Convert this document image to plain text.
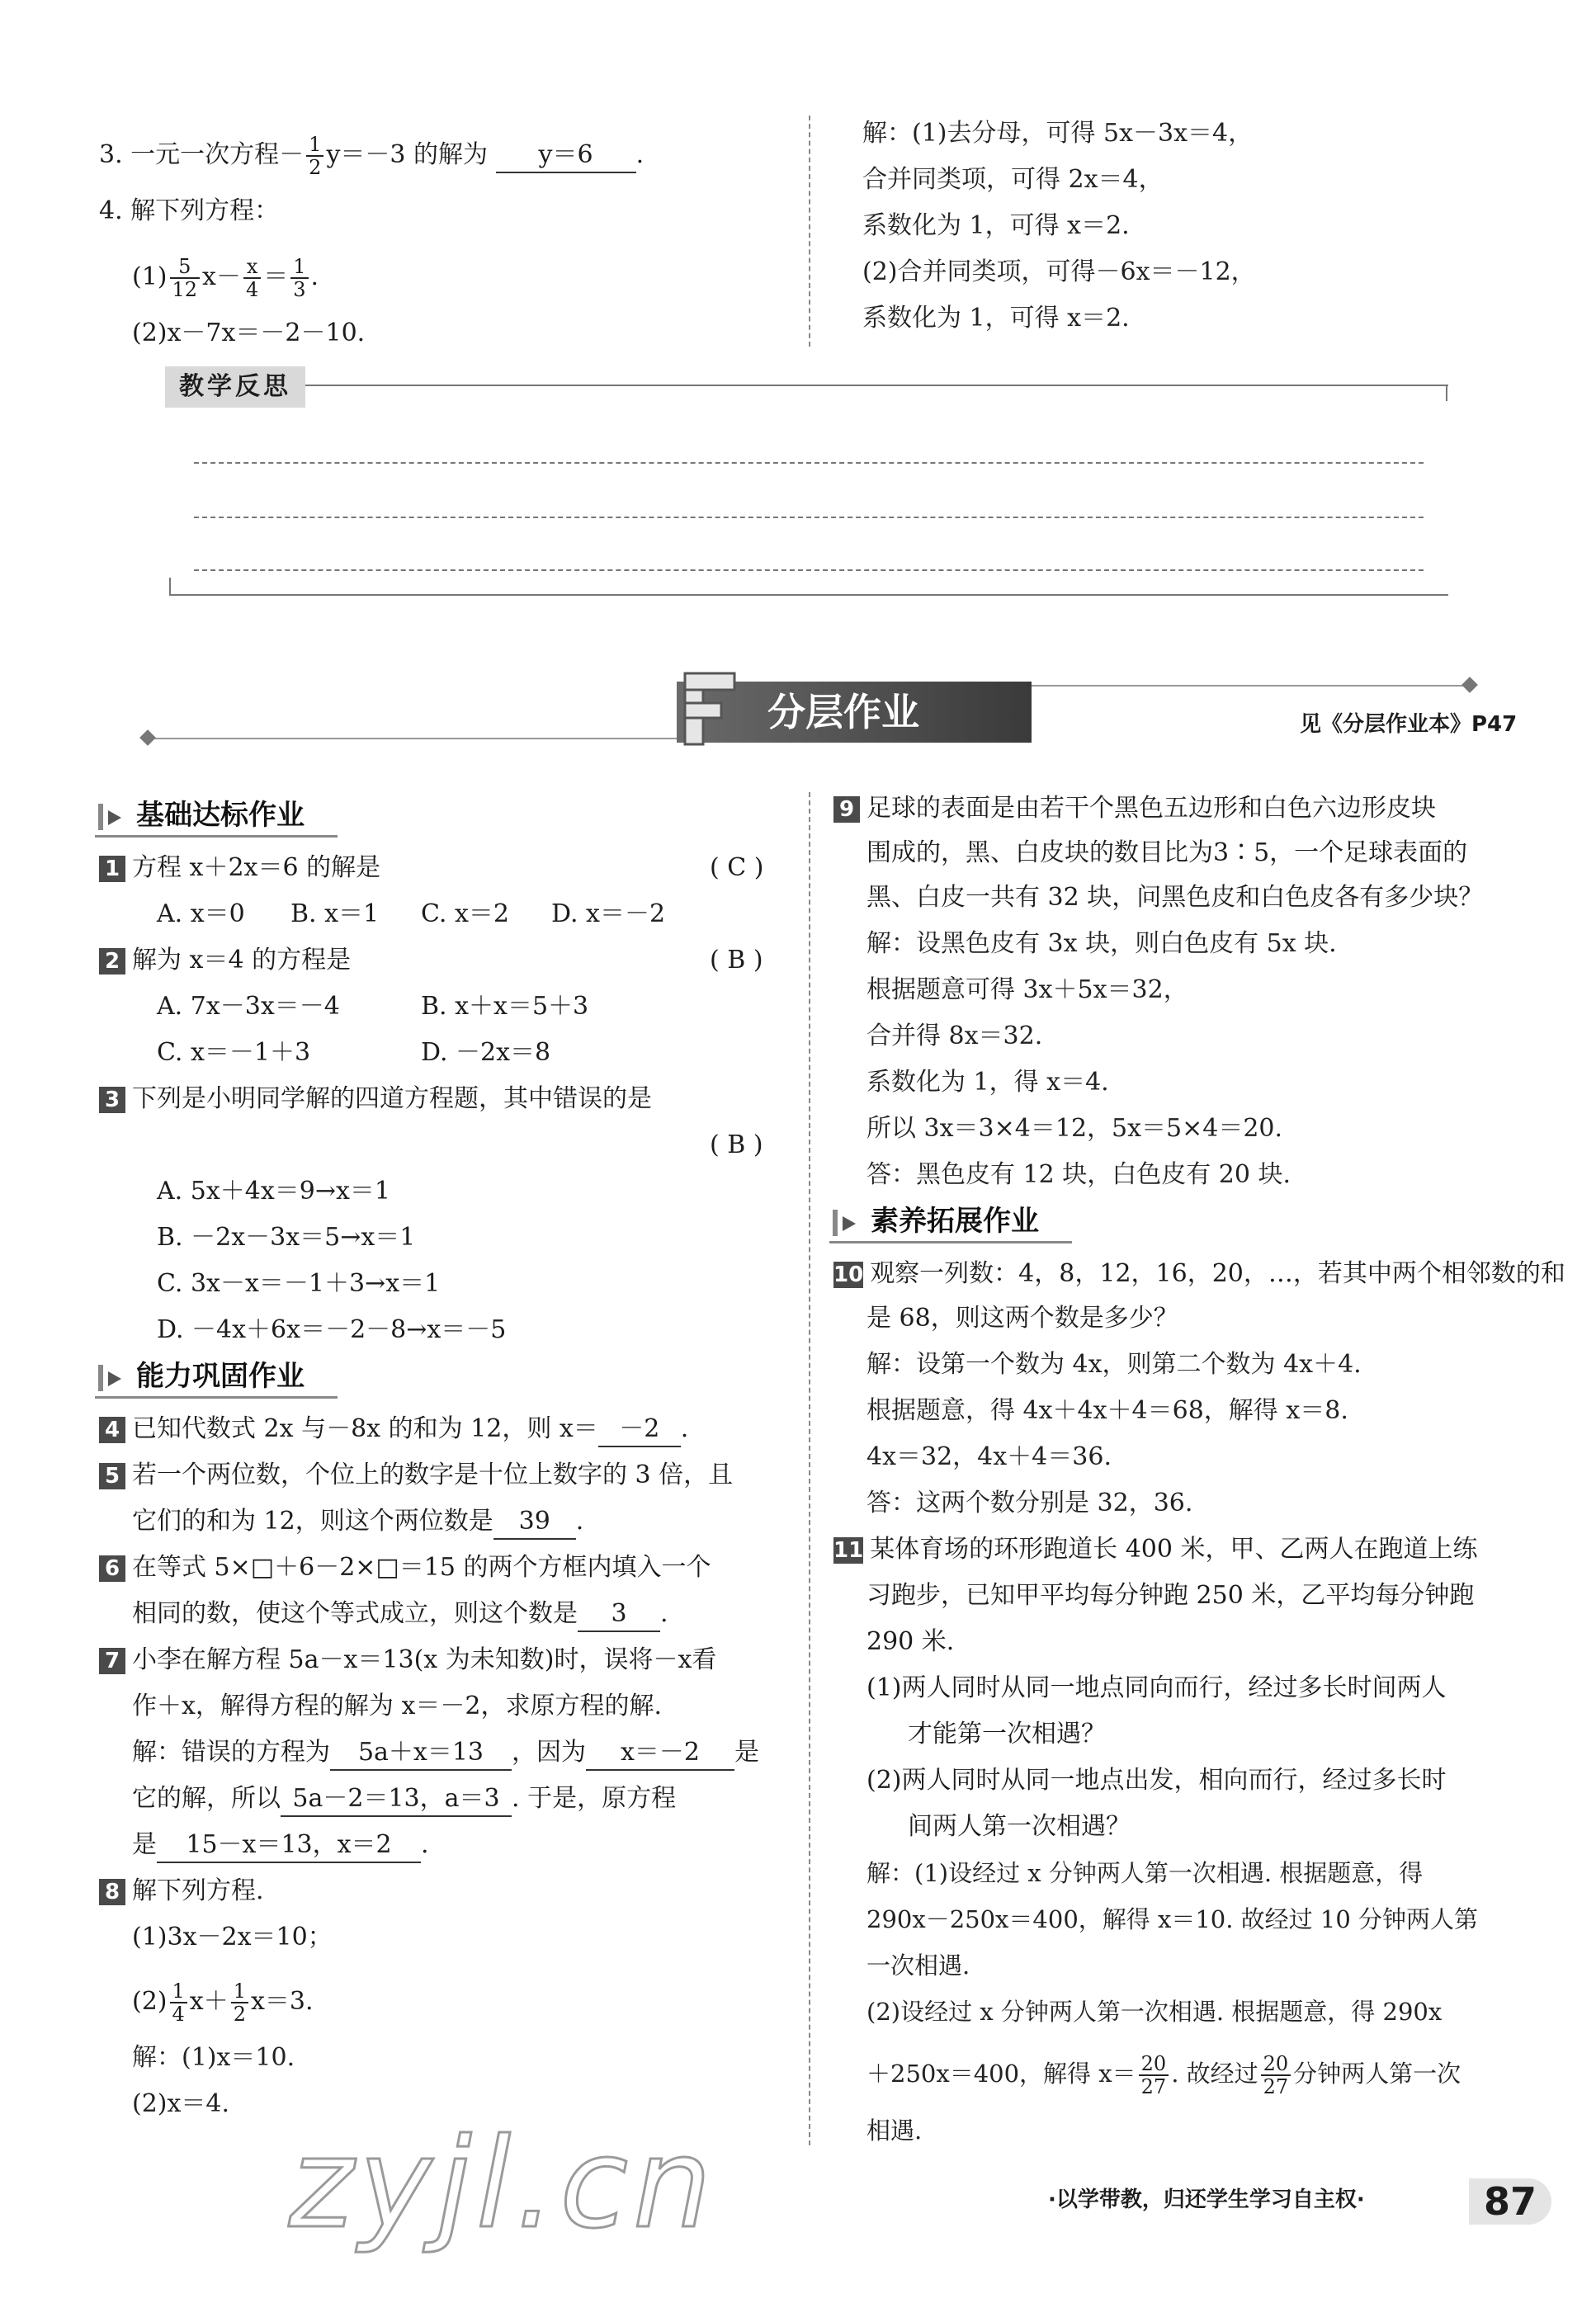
3. 一元一次方程－ $\frac{1}{2} y=-3$ 的解为 y＝6 .
4. 解下列方程：
$(1) \frac{5}{12} x- \frac{x}{4} = \frac{1}{3}$ .
(2)x－7x＝－2－10.
解：(1)去分母，可得 5x－3x＝4，
合并同类项，可得 2x＝4，
系数化为 1，可得 x＝2.
(2)合并同类项，可得－6x＝－12，
系数化为 1，可得 x＝2.
教学反思
分层作业	见《分层作业本》P47
基础达标作业
1 方程 x＋2x＝6 的解是	( C )
A. x＝0 B. x＝1 C. x＝2 D. x＝－2
2 解为 x＝4 的方程是	( B )
A. 7x－3x＝－4	B. x＋x＝5＋3
C. x＝－1＋3	D. －2x＝8
3 下列是小明同学解的四道方程题，其中错误的是
( B )
A. 5x＋4x＝9→x＝1
B. －2x－3x＝5→x＝1
C. 3x－x＝－1＋3→x＝1
D. －4x＋6x＝－2－8→x＝－5
能力巩固作业
4 已知代数式 2x 与－8x 的和为 12，则 x＝ －2 .
5 若一个两位数，个位上的数字是十位上数字的 3 倍，且
它们的和为 12，则这个两位数是 39 .
6 在等式 5×□＋6－2×□＝15 的两个方框内填入一个
相同的数，使这个等式成立，则这个数是 3 .
7 小李在解方程 5a－x＝13(x 为未知数)时，误将－x看
作＋x，解得方程的解为 x＝－2，求原方程的解.
解：错误的方程为 5a＋x＝13 ，因为 x＝－2 是
它的解，所以 5a－2＝13，a＝3 . 于是，原方程
是 15－x＝13，x＝2 .
8 解下列方程.
(1)3x－2x＝10；
$(2) \frac{1}{4} x+ \frac{1}{2} x=3$.
解：(1)x＝10.
(2)x＝4.
9 足球的表面是由若干个黑色五边形和白色六边形皮块
围成的，黑、白皮块的数目比为3∶5，一个足球表面的
黑、白皮一共有 32 块，问黑色皮和白色皮各有多少块？
解：设黑色皮有 3x 块，则白色皮有 5x 块.
根据题意可得 3x＋5x＝32，
合并得 8x＝32.
系数化为 1，得 x＝4.
所以 3x＝3×4＝12，5x＝5×4＝20.
答：黑色皮有 12 块，白色皮有 20 块.
素养拓展作业
10 观察一列数：4，8，12，16，20，…，若其中两个相邻数的和
是 68，则这两个数是多少？
解：设第一个数为 4x，则第二个数为 4x＋4.
根据题意，得 4x＋4x＋4＝68，解得 x＝8.
4x＝32，4x＋4＝36.
答：这两个数分别是 32，36.
11 某体育场的环形跑道长 400 米，甲、乙两人在跑道上练
习跑步，已知甲平均每分钟跑 250 米，乙平均每分钟跑
290 米.
(1)两人同时从同一地点同向而行，经过多长时间两人
才能第一次相遇？
(2)两人同时从同一地点出发，相向而行，经过多长时
间两人第一次相遇？
解：(1)设经过 x 分钟两人第一次相遇. 根据题意，得
290x－250x＝400，解得 x＝10. 故经过 10 分钟两人第
一次相遇.
(2)设经过 x 分钟两人第一次相遇. 根据题意，得 290x
＋250x＝400，解得 $x= \frac{20}{27}$ . 故经过 $\frac{20}{27}$ 分钟两人第一次
相遇.
zyjl.cn	·以学带教，归还学生学习自主权·	87
